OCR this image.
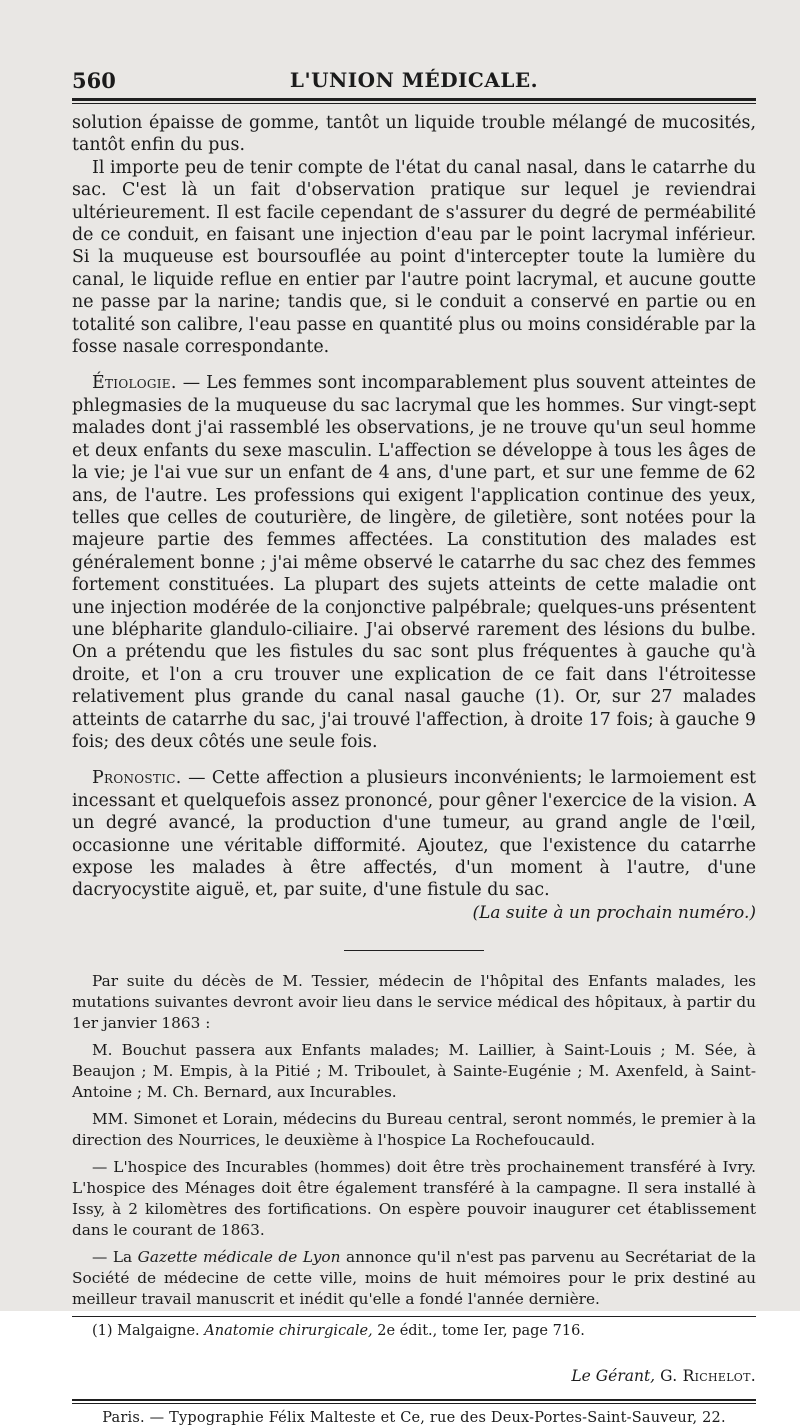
560	L'UNION MÉDICALE.

solution épaisse de gomme, tantôt un liquide trouble mélangé de mucosités, tantôt enfin du pus.

Il importe peu de tenir compte de l'état du canal nasal, dans le catarrhe du sac. C'est là un fait d'observation pratique sur lequel je reviendrai ultérieurement. Il est facile cependant de s'assurer du degré de perméabilité de ce conduit, en faisant une injection d'eau par le point lacrymal inférieur. Si la muqueuse est boursouflée au point d'intercepter toute la lumière du canal, le liquide reflue en entier par l'autre point lacrymal, et aucune goutte ne passe par la narine; tandis que, si le conduit a conservé en partie ou en totalité son calibre, l'eau passe en quantité plus ou moins considérable par la fosse nasale correspondante.

Étiologie. — Les femmes sont incomparablement plus souvent atteintes de phlegmasies de la muqueuse du sac lacrymal que les hommes. Sur vingt-sept malades dont j'ai rassemblé les observations, je ne trouve qu'un seul homme et deux enfants du sexe masculin. L'affection se développe à tous les âges de la vie; je l'ai vue sur un enfant de 4 ans, d'une part, et sur une femme de 62 ans, de l'autre. Les professions qui exigent l'application continue des yeux, telles que celles de couturière, de lingère, de giletière, sont notées pour la majeure partie des femmes affectées. La constitution des malades est généralement bonne ; j'ai même observé le catarrhe du sac chez des femmes fortement constituées. La plupart des sujets atteints de cette maladie ont une injection modérée de la conjonctive palpébrale; quelques-uns présentent une blépharite glandulo-ciliaire. J'ai observé rarement des lésions du bulbe. On a prétendu que les fistules du sac sont plus fréquentes à gauche qu'à droite, et l'on a cru trouver une explication de ce fait dans l'étroitesse relativement plus grande du canal nasal gauche (1). Or, sur 27 malades atteints de catarrhe du sac, j'ai trouvé l'affection, à droite 17 fois; à gauche 9 fois; des deux côtés une seule fois.

Pronostic. — Cette affection a plusieurs inconvénients; le larmoiement est incessant et quelquefois assez prononcé, pour gêner l'exercice de la vision. A un degré avancé, la production d'une tumeur, au grand angle de l'œil, occasionne une véritable difformité. Ajoutez, que l'existence du catarrhe expose les malades à être affectés, d'un moment à l'autre, d'une dacryocystite aiguë, et, par suite, d'une fistule du sac.

(La suite à un prochain numéro.)

Par suite du décès de M. Tessier, médecin de l'hôpital des Enfants malades, les mutations suivantes devront avoir lieu dans le service médical des hôpitaux, à partir du 1er janvier 1863 :

M. Bouchut passera aux Enfants malades; M. Laillier, à Saint-Louis ; M. Sée, à Beaujon ; M. Empis, à la Pitié ; M. Triboulet, à Sainte-Eugénie ; M. Axenfeld, à Saint-Antoine ; M. Ch. Bernard, aux Incurables.

MM. Simonet et Lorain, médecins du Bureau central, seront nommés, le premier à la direction des Nourrices, le deuxième à l'hospice La Rochefoucauld.

— L'hospice des Incurables (hommes) doit être très prochainement transféré à Ivry. L'hospice des Ménages doit être également transféré à la campagne. Il sera installé à Issy, à 2 kilomètres des fortifications. On espère pouvoir inaugurer cet établissement dans le courant de 1863.

— La Gazette médicale de Lyon annonce qu'il n'est pas parvenu au Secrétariat de la Société de médecine de cette ville, moins de huit mémoires pour le prix destiné au meilleur travail manuscrit et inédit qu'elle a fondé l'année dernière.

(1) Malgaigne. Anatomie chirurgicale, 2e édit., tome Ier, page 716.
Le Gérant, G. Richelot.
Paris. — Typographie Félix Malteste et Ce, rue des Deux-Portes-Saint-Sauveur, 22.
